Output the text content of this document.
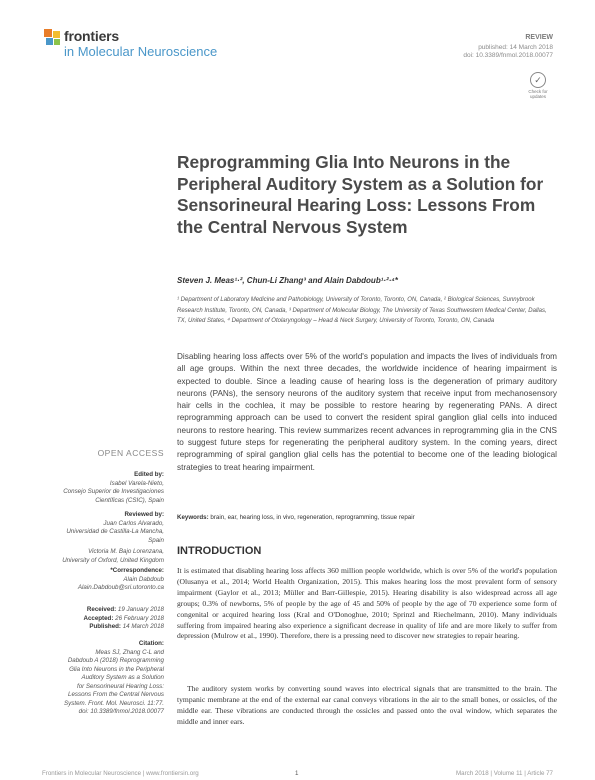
frontiers
in Molecular Neuroscience
REVIEW
published: 14 March 2018
doi: 10.3389/fnmol.2018.00077
✓
Check for updates
Reprogramming Glia Into Neurons in the Peripheral Auditory System as a Solution for Sensorineural Hearing Loss: Lessons From the Central Nervous System
Steven J. Meas¹·², Chun-Li Zhang³ and Alain Dabdoub¹·²·⁴*
¹ Department of Laboratory Medicine and Pathobiology, University of Toronto, Toronto, ON, Canada, ² Biological Sciences, Sunnybrook Research Institute, Toronto, ON, Canada, ³ Department of Molecular Biology, The University of Texas Southwestern Medical Center, Dallas, TX, United States, ⁴ Department of Otolaryngology – Head & Neck Surgery, University of Toronto, Toronto, ON, Canada
Disabling hearing loss affects over 5% of the world's population and impacts the lives of individuals from all age groups. Within the next three decades, the worldwide incidence of hearing impairment is expected to double. Since a leading cause of hearing loss is the degeneration of primary auditory neurons (PANs), the sensory neurons of the auditory system that receive input from mechanosensory hair cells in the cochlea, it may be possible to restore hearing by regenerating PANs. A direct reprogramming approach can be used to convert the resident spiral ganglion glial cells into induced neurons to restore hearing. This review summarizes recent advances in reprogramming glia in the CNS to suggest future steps for regenerating the peripheral auditory system. In the coming years, direct reprogramming of spiral ganglion glial cells has the potential to become one of the leading biological strategies to treat hearing impairment.
Keywords: brain, ear, hearing loss, in vivo, regeneration, reprogramming, tissue repair
INTRODUCTION
It is estimated that disabling hearing loss affects 360 million people worldwide, which is over 5% of the world's population (Olusanya et al., 2014; World Health Organization, 2015). This makes hearing loss the most prevalent form of sensory impairment (Gaylor et al., 2013; Müller and Barr-Gillespie, 2015). Hearing disability is also widespread across all age groups; 0.3% of newborns, 5% of people by the age of 45 and 50% of people by the age of 70 experience some form of congenital or acquired hearing loss (Kral and O'Donoghue, 2010; Sprinzl and Riechelmann, 2010). Many individuals suffering from impaired hearing also experience a significant decrease in quality of life and are more likely to suffer from depression (Mulrow et al., 1990). Therefore, there is a pressing need to discover new strategies to repair hearing.
The auditory system works by converting sound waves into electrical signals that are transmitted to the brain. The tympanic membrane at the end of the external ear canal conveys vibrations in the air to the small bones, or ossicles, of the middle ear. These vibrations are conducted through the ossicles and passed onto the oval window, which separates the middle and inner ears.
OPEN ACCESS
Edited by:
Isabel Varela-Nieto,
Consejo Superior de Investigaciones
Científicas (CSIC), Spain
Reviewed by:
Juan Carlos Alvarado,
Universidad de Castilla-La Mancha,
Spain
Victoria M. Bajo Lorenzana,
University of Oxford, United Kingdom
*Correspondence:
Alain Dabdoub
Alain.Dabdoub@sri.utoronto.ca
Received: 19 January 2018
Accepted: 26 February 2018
Published: 14 March 2018
Citation:
Meas SJ, Zhang C-L and
Dabdoub A (2018) Reprogramming
Glia Into Neurons in the Peripheral
Auditory System as a Solution
for Sensorineural Hearing Loss:
Lessons From the Central Nervous
System. Front. Mol. Neurosci. 11:77.
doi: 10.3389/fnmol.2018.00077
Frontiers in Molecular Neuroscience | www.frontiersin.org	1	March 2018 | Volume 11 | Article 77
